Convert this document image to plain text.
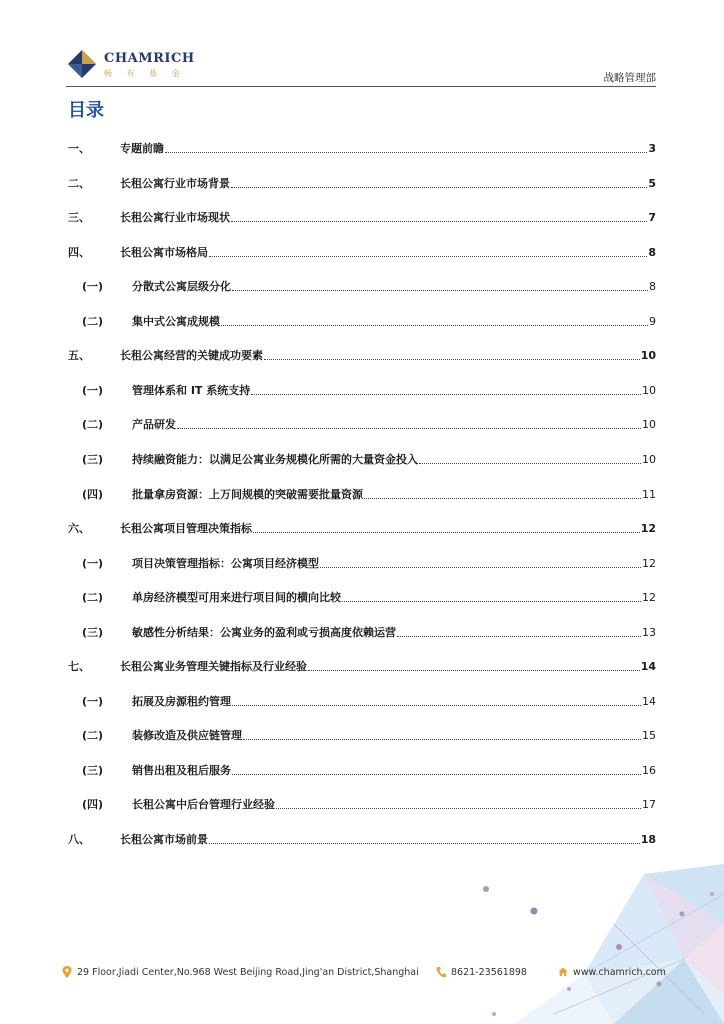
CHAMRICH
畅 有 基 金	战略管理部
目录
一、	专题前瞻	3
二、	长租公寓行业市场背景	5
三、	长租公寓行业市场现状	7
四、	长租公寓市场格局	8
(一)	分散式公寓层级分化	8
(二)	集中式公寓成规模	9
五、	长租公寓经营的关键成功要素	10
(一)	管理体系和 IT 系统支持	10
(二)	产品研发	10
(三)	持续融资能力：以满足公寓业务规模化所需的大量资金投入	10
(四)	批量拿房资源：上万间规模的突破需要批量资源	11
六、	长租公寓项目管理决策指标	12
(一)	项目决策管理指标：公寓项目经济模型	12
(二)	单房经济模型可用来进行项目间的横向比较	12
(三)	敏感性分析结果：公寓业务的盈利或亏损高度依赖运营	13
七、	长租公寓业务管理关键指标及行业经验	14
(一)	拓展及房源租约管理	14
(二)	装修改造及供应链管理	15
(三)	销售出租及租后服务	16
(四)	长租公寓中后台管理行业经验	17
八、	长租公寓市场前景	18
29 Floor,Jiadi Center,No.968 West Beijing Road,Jing'an District,Shanghai	8621-23561898	www.chamrich.com
